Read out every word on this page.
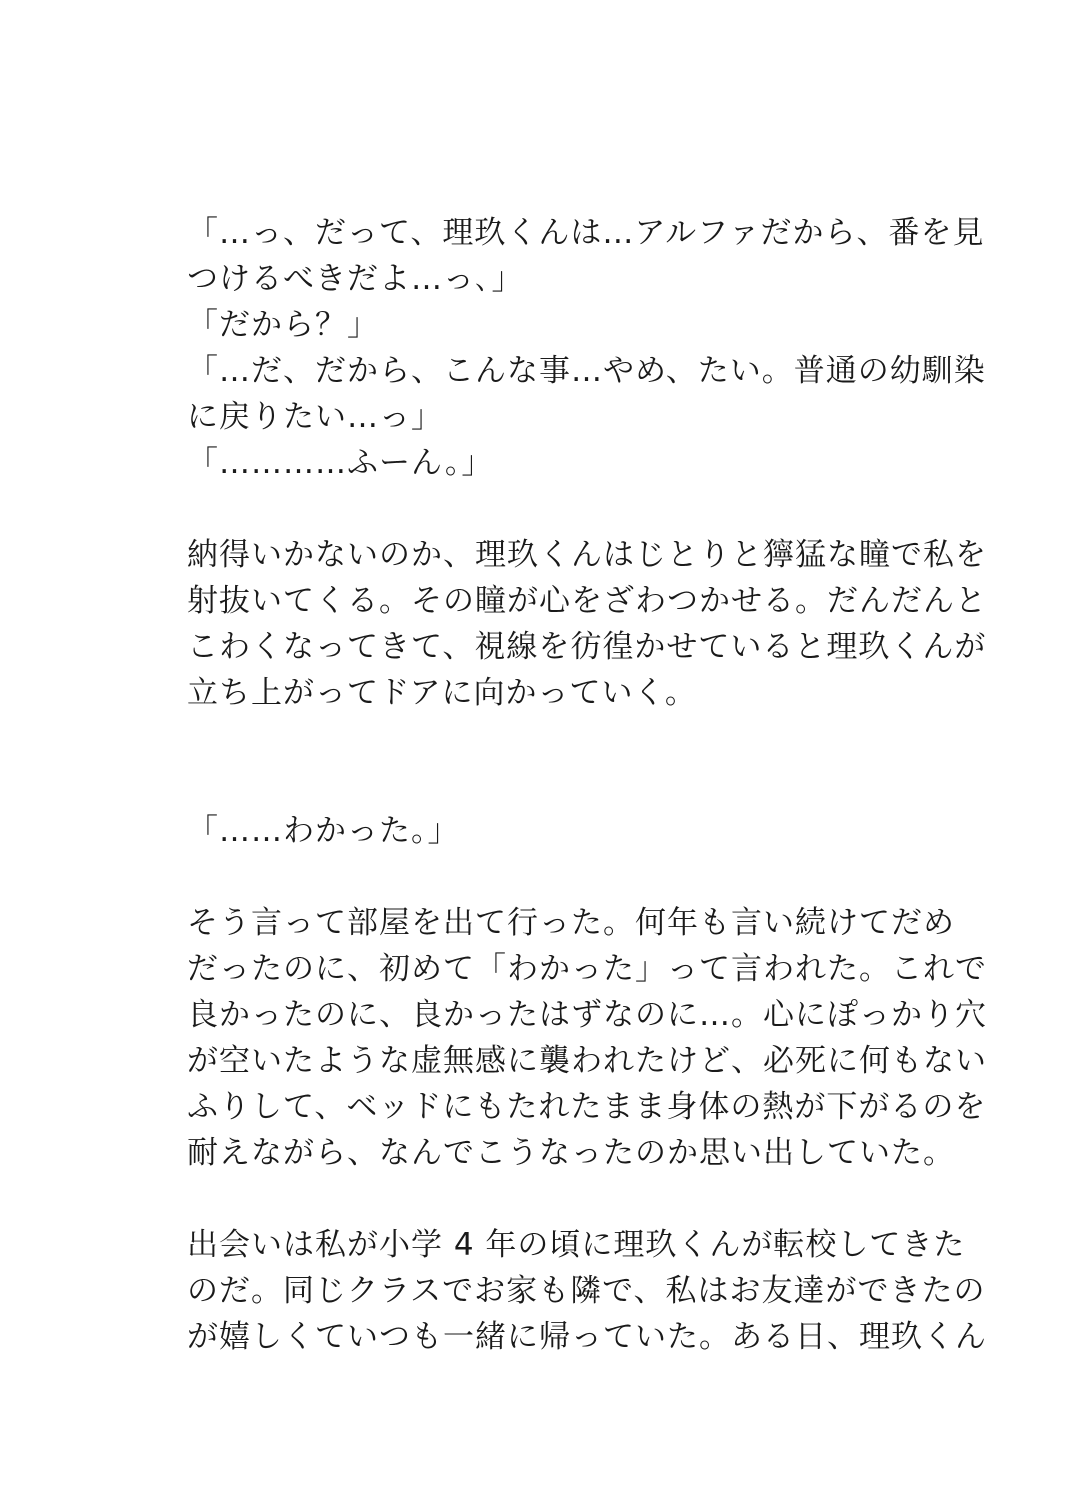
「…っ、だって、理玖くんは…アルファだから、番を見
つけるべきだよ…っ､」
「だから？」
「…だ、だから、こんな事…やめ、たい。普通の幼馴染
に戻りたい…っ」
「…………ふーん。」
納得いかないのか、理玖くんはじとりと獰猛な瞳で私を
射抜いてくる。その瞳が心をざわつかせる。だんだんと
こわくなってきて、視線を彷徨かせていると理玖くんが
立ち上がってドアに向かっていく。
「……わかった。」
そう言って部屋を出て行った。何年も言い続けてだめ
だったのに、初めて「わかった」って言われた。これで
良かったのに、良かったはずなのに…。心にぽっかり穴
が空いたような虚無感に襲われたけど、必死に何もない
ふりして、ベッドにもたれたまま身体の熱が下がるのを
耐えながら、なんでこうなったのか思い出していた。
出会いは私が小学 4 年の頃に理玖くんが転校してきた
のだ。同じクラスでお家も隣で、私はお友達ができたの
が嬉しくていつも一緒に帰っていた。ある日、理玖くん
